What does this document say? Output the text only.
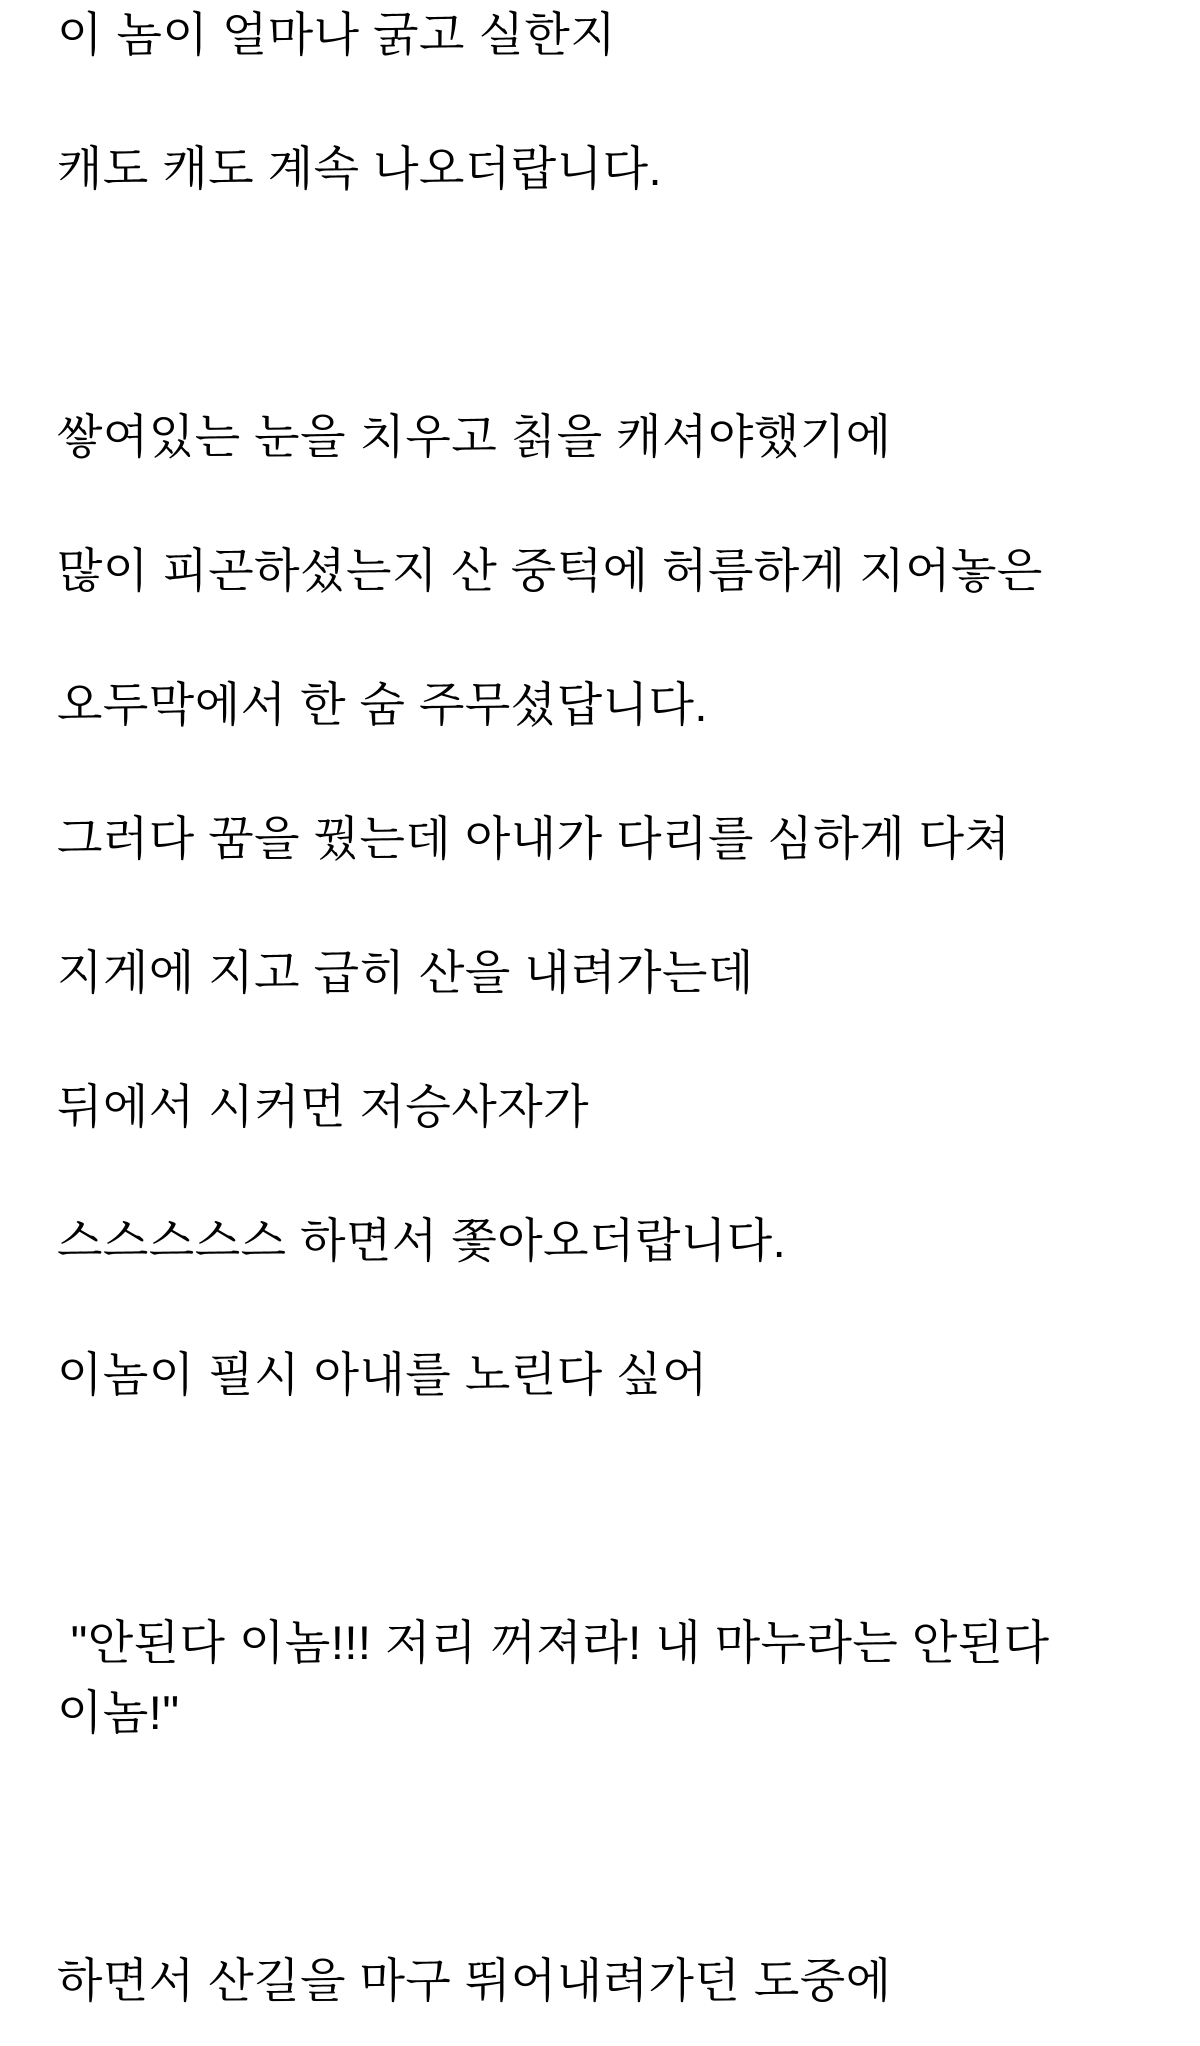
이 놈이 얼마나 굵고 실한지

캐도 캐도 계속 나오더랍니다.

쌓여있는 눈을 치우고 칡을 캐셔야했기에

많이 피곤하셨는지 산 중턱에 허름하게 지어놓은

오두막에서 한 숨 주무셨답니다.

그러다 꿈을 꿨는데 아내가 다리를 심하게 다쳐

지게에 지고 급히 산을 내려가는데

뒤에서 시커먼 저승사자가

스스스스스 하면서 쫓아오더랍니다.

이놈이 필시 아내를 노린다 싶어

"안된다 이놈!!! 저리 꺼져라! 내 마누라는 안된다 이놈!"

하면서 산길을 마구 뛰어내려가던 도중에
